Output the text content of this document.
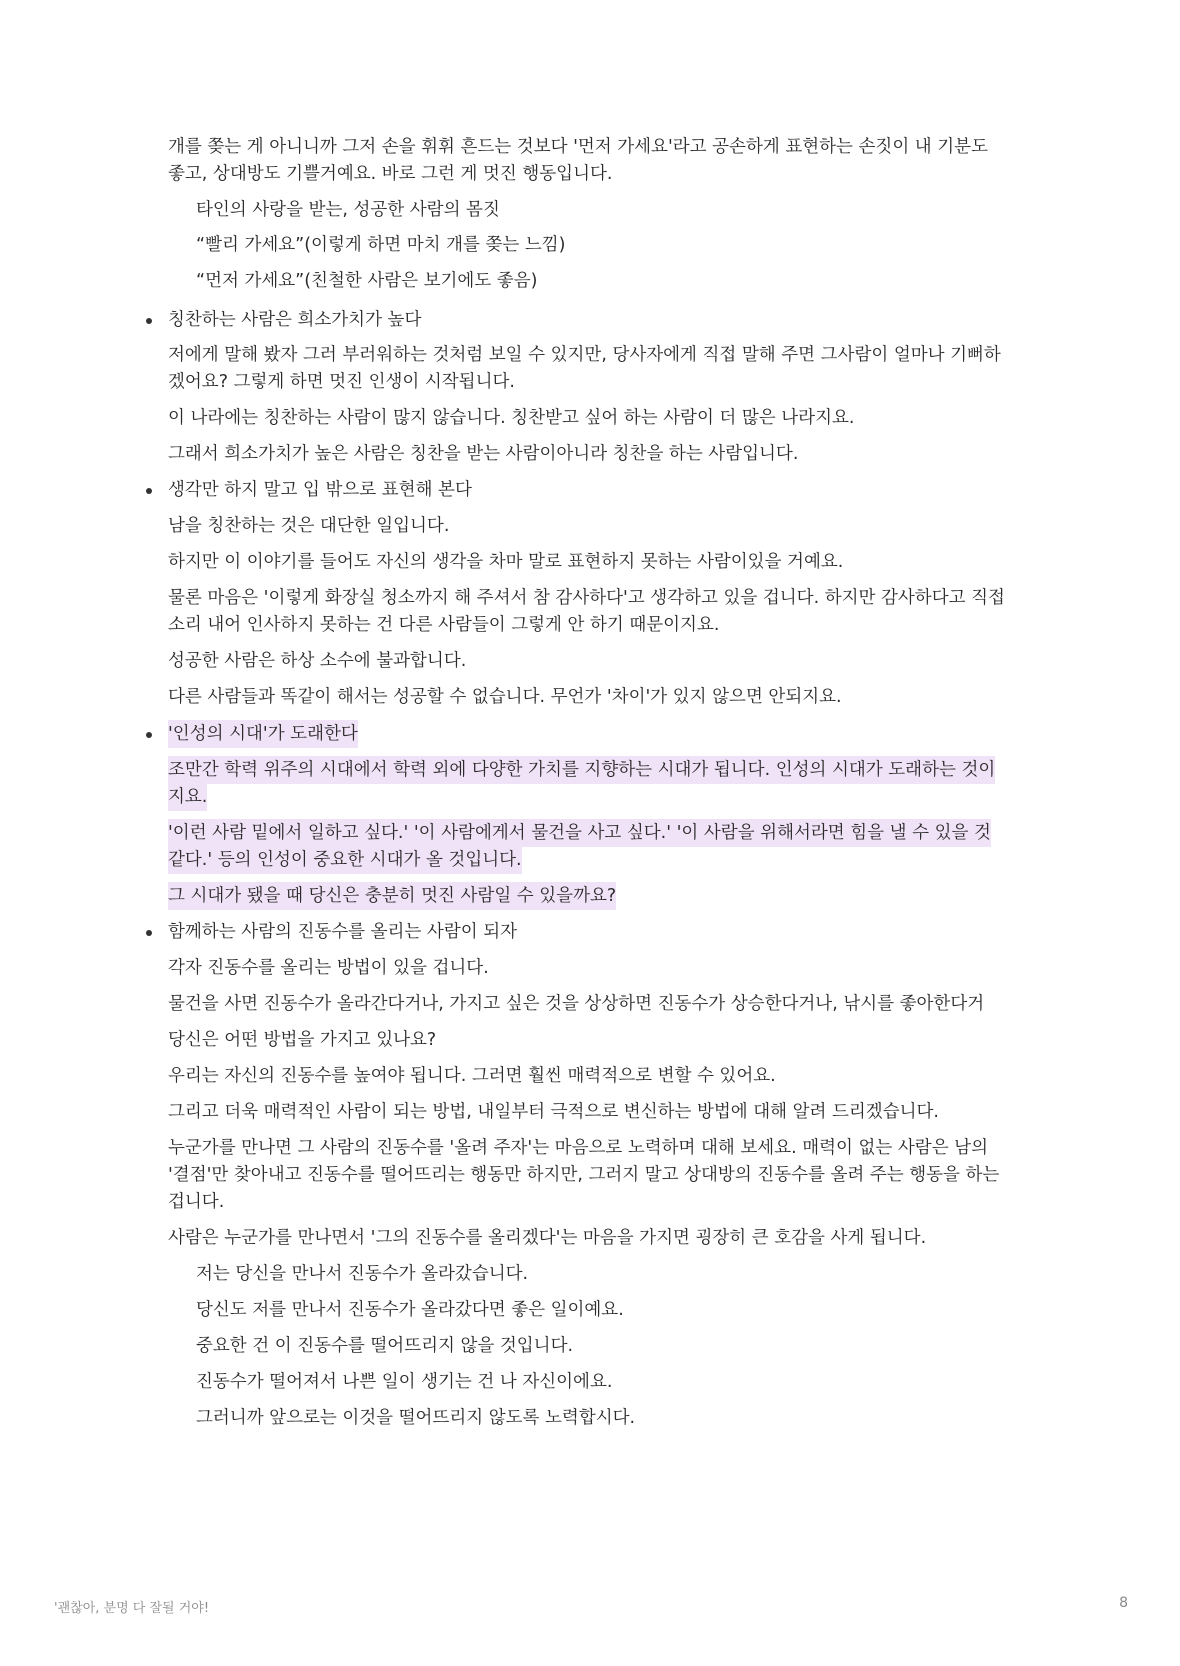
개를 쫒는 게 아니니까 그저 손을 휘휘 흔드는 것보다 '먼저 가세요'라고 공손하게 표현하는 손짓이 내 기분도
좋고, 상대방도 기쁠거예요. 바로 그런 게 멋진 행동입니다.
타인의 사랑을 받는, 성공한 사람의 몸짓
“빨리 가세요”(이렇게 하면 마치 개를 쫒는 느낌)
“먼저 가세요”(친철한 사람은 보기에도 좋음)
칭찬하는 사람은 희소가치가 높다
저에게 말해 봤자 그러 부러워하는 것처럼 보일 수 있지만, 당사자에게 직접 말해 주면 그사람이 얼마나 기뻐하
겠어요? 그렇게 하면 멋진 인생이 시작됩니다.
이 나라에는 칭찬하는 사람이 많지 않습니다. 칭찬받고 싶어 하는 사람이 더 많은 나라지요.
그래서 희소가치가 높은 사람은 칭찬을 받는 사람이아니라 칭찬을 하는 사람입니다.
생각만 하지 말고 입 밖으로 표현해 본다
남을 칭찬하는 것은 대단한 일입니다.
하지만 이 이야기를 들어도 자신의 생각을 차마 말로 표현하지 못하는 사람이있을 거예요.
물론 마음은 '이렇게 화장실 청소까지 해 주셔서 참 감사하다'고 생각하고 있을 겁니다. 하지만 감사하다고 직접
소리 내어 인사하지 못하는 건 다른 사람들이 그렇게 안 하기 때문이지요.
성공한 사람은 하상 소수에 불과합니다.
다른 사람들과 똑같이 해서는 성공할 수 없습니다. 무언가 '차이'가 있지 않으면 안되지요.
'인성의 시대'가 도래한다
조만간 학력 위주의 시대에서 학력 외에 다양한 가치를 지향하는 시대가 됩니다. 인성의 시대가 도래하는 것이
지요.
'이런 사람 밑에서 일하고 싶다.' '이 사람에게서 물건을 사고 싶다.' '이 사람을 위해서라면 힘을 낼 수 있을 것
같다.' 등의 인성이 중요한 시대가 올 것입니다.
그 시대가 됐을 때 당신은 충분히 멋진 사람일 수 있을까요?
함께하는 사람의 진동수를 올리는 사람이 되자
각자 진동수를 올리는 방법이 있을 겁니다.
물건을 사면 진동수가 올라간다거나, 가지고 싶은 것을 상상하면 진동수가 상승한다거나, 낚시를 좋아한다거
당신은 어떤 방법을 가지고 있나요?
우리는 자신의 진동수를 높여야 됩니다. 그러면 훨씬 매력적으로 변할 수 있어요.
그리고 더욱 매력적인 사람이 되는 방법, 내일부터 극적으로 변신하는 방법에 대해 알려 드리겠습니다.
누군가를 만나면 그 사람의 진동수를 '올려 주자'는 마음으로 노력하며 대해 보세요. 매력이 없는 사람은 남의
'결점'만 찾아내고 진동수를 떨어뜨리는 행동만 하지만, 그러지 말고 상대방의 진동수를 올려 주는 행동을 하는
겁니다.
사람은 누군가를 만나면서 '그의 진동수를 올리겠다'는 마음을 가지면 굉장히 큰 호감을 사게 됩니다.
저는 당신을 만나서 진동수가 올라갔습니다.
당신도 저를 만나서 진동수가 올라갔다면 좋은 일이예요.
중요한 건 이 진동수를 떨어뜨리지 않을 것입니다.
진동수가 떨어져서 나쁜 일이 생기는 건 나 자신이에요.
그러니까 앞으로는 이것을 떨어뜨리지 않도록 노력합시다.
'괜찮아, 분명 다 잘될 거야!	8
